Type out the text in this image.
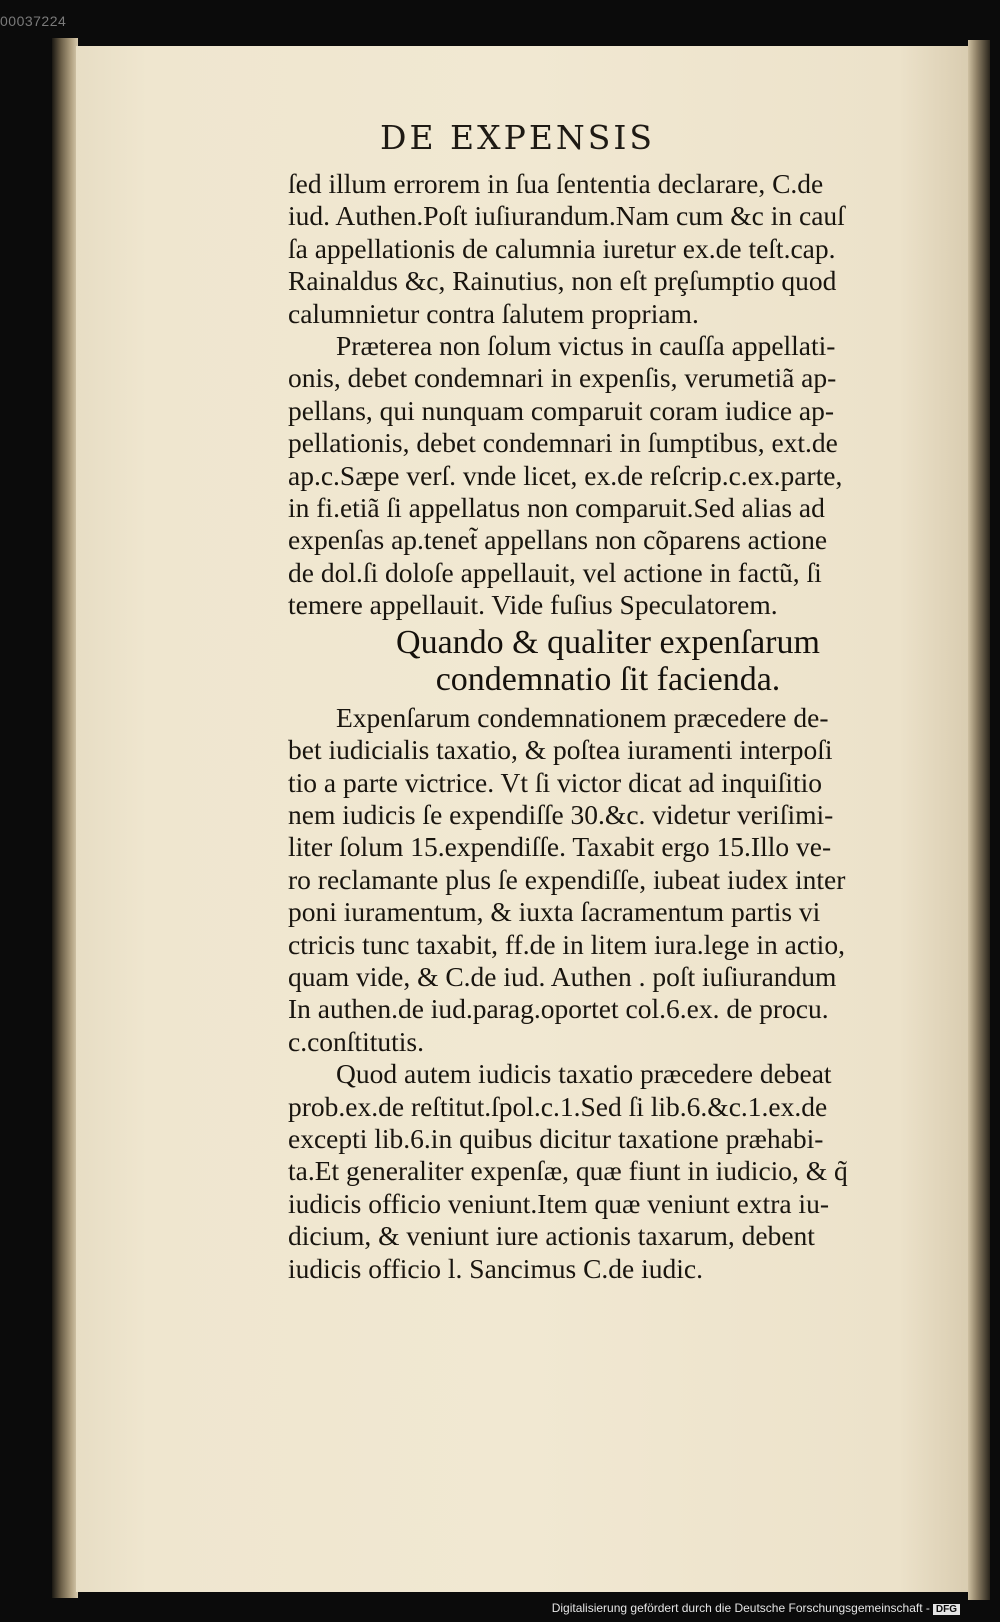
00037224
DE EXPENSIS

ſed illum errorem in ſua ſententia declarare, C.de
iud. Authen.Poſt iuſiurandum.Nam cum &c in cauſ
ſa appellationis de calumnia iuretur ex.de teſt.cap.
Rainaldus &c, Rainutius, non eſt prȩſumptio quod
calumnietur contra ſalutem propriam.

Præterea non ſolum victus in cauſſa appellati-
onis, debet condemnari in expenſis, verumetiã ap-
pellans, qui nunquam comparuit coram iudice ap-
pellationis, debet condemnari in ſumptibus, ext.de
ap.c.Sæpe verſ. vnde licet, ex.de reſcrip.c.ex.parte,
in fi.etiã ſi appellatus non comparuit.Sed alias ad
expenſas ap.tenet̃ appellans non cõparens actione
de dol.ſi doloſe appellauit, vel actione in factũ, ſi
temere appellauit. Vide fuſius Speculatorem.

Quando & qualiter expenſarum
condemnatio ſit facienda.

Expenſarum condemnationem præcedere de-
bet iudicialis taxatio, & poſtea iuramenti interpoſi
tio a parte victrice. Vt ſi victor dicat ad inquiſitio
nem iudicis ſe expendiſſe 30.&c. videtur veriſimi-
liter ſolum 15.expendiſſe. Taxabit ergo 15.Illo ve-
ro reclamante plus ſe expendiſſe, iubeat iudex inter
poni iuramentum, & iuxta ſacramentum partis vi
ctricis tunc taxabit, ff.de in litem iura.lege in actio,
quam vide, & C.de iud. Authen . poſt iuſiurandum
In authen.de iud.parag.oportet col.6.ex. de procu.
c.conſtitutis.

Quod autem iudicis taxatio præcedere debeat
prob.ex.de reſtitut.ſpol.c.1.Sed ſi lib.6.&c.1.ex.de
excepti lib.6.in quibus dicitur taxatione præhabi-
ta.Et generaliter expenſæ, quæ fiunt in iudicio, & q̃
iudicis officio veniunt.Item quæ veniunt extra iu-
dicium, & veniunt iure actionis taxarum, debent
iudicis officio l. Sancimus C.de iudic.

Digitalisierung gefördert durch die Deutsche Forschungsgemeinschaft - DFG
